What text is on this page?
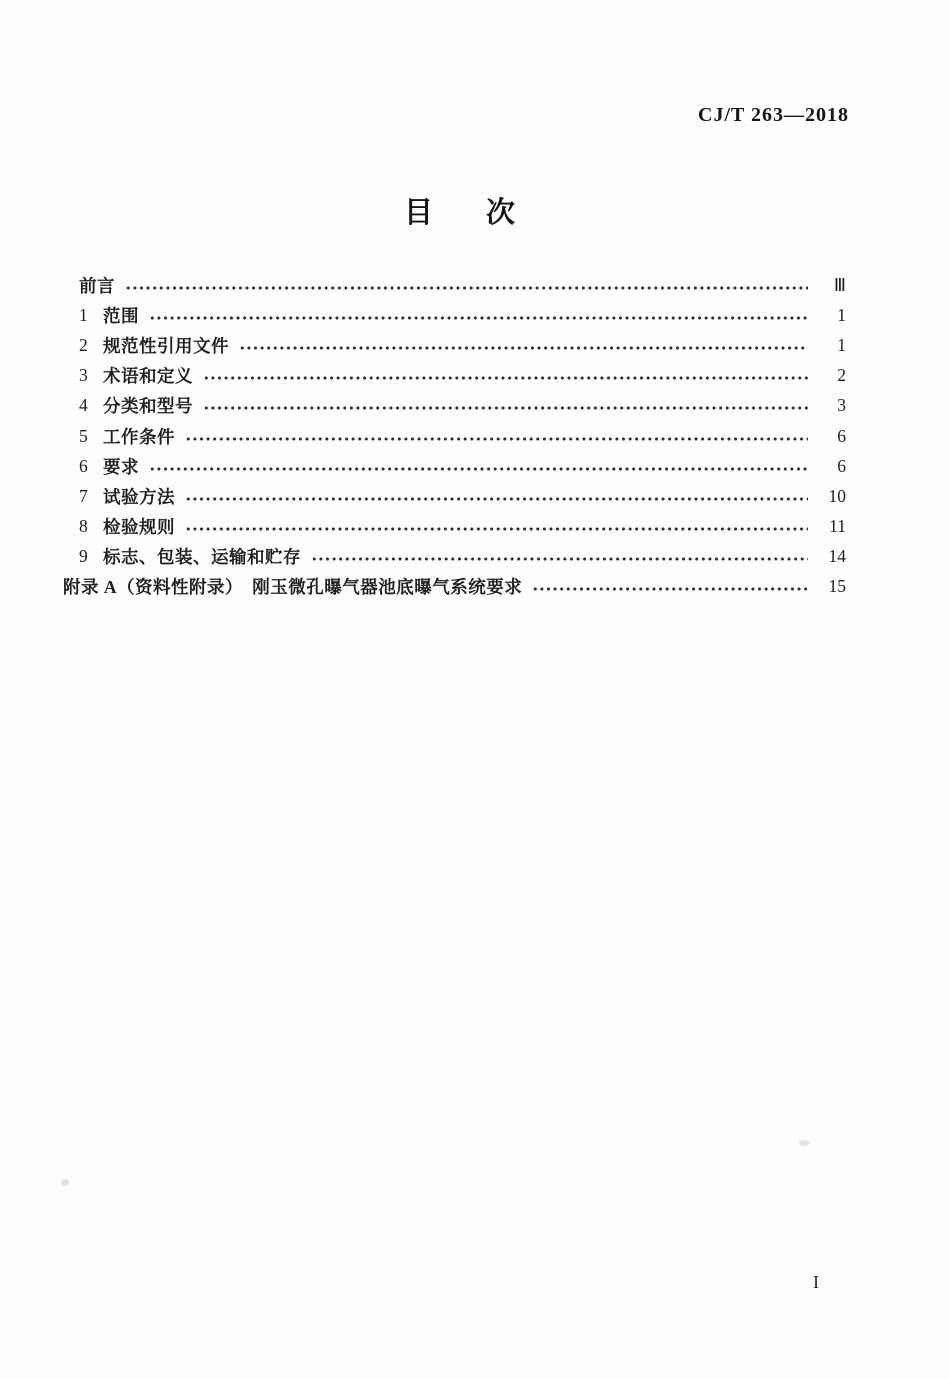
CJ/T 263—2018
目　次
前言	Ⅲ
1 范围	1
2 规范性引用文件	1
3 术语和定义	2
4 分类和型号	3
5 工作条件	6
6 要求	6
7 试验方法	10
8 检验规则	11
9 标志、包装、运输和贮存	14
附录 A（资料性附录）　刚玉微孔曝气器池底曝气系统要求	15
I
